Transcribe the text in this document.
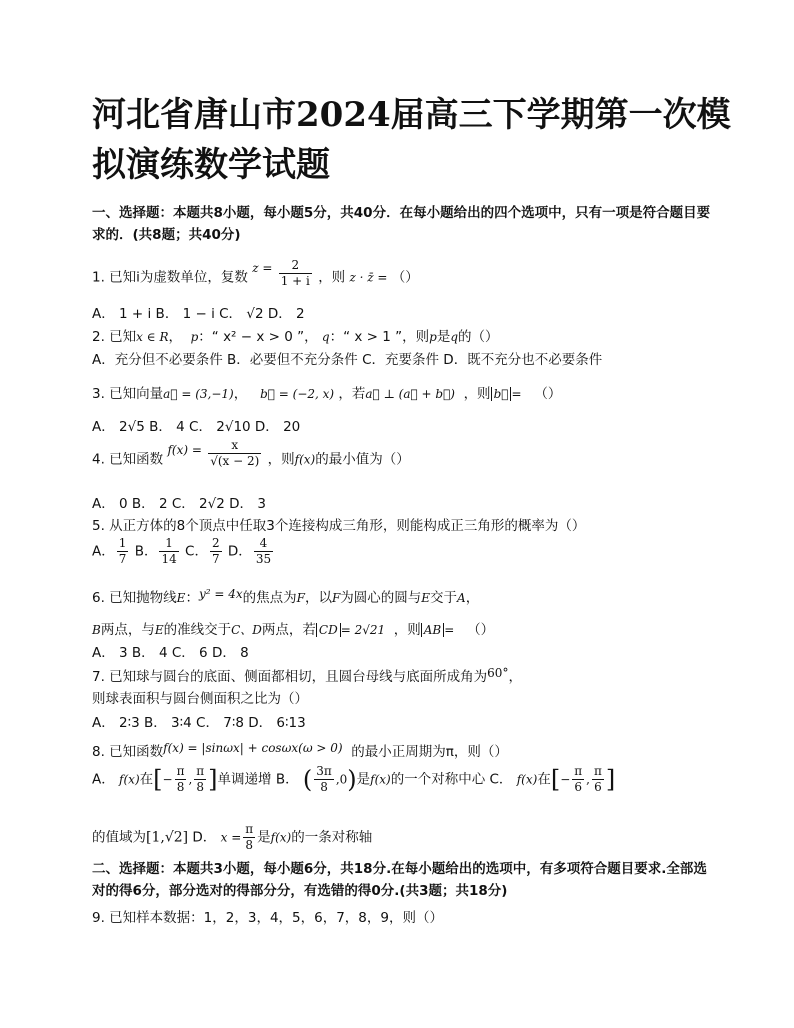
河北省唐山市2024届高三下学期第一次模拟演练数学试题
一、选择题：本题共8小题，每小题5分，共40分．在每小题给出的四个选项中，只有一项是符合题目要求的．(共8题；共40分)
1. 已知i为虚数单位，复数 $z = \frac{2}{1 + i}$ ，则 z · z̄ = （）
A． 1 + i B． 1 − i C． √2 D． 2
2. 已知x ∈ R， p：“ x² − x > 0 ”， q：“ x > 1 ”，则p是q的（）
A．充分但不必要条件 B．必要但不充分条件 C．充要条件 D．既不充分也不必要条件
3. 已知向量a⃗ = (3,−1)， b⃗ = (−2, x) ，若a⃗ ⊥ (a⃗ + b⃗) ，则 b⃗ = （）
A． 2√5 B． 4 C． 2√10 D． 20
4. 已知函数 $f(x) = \frac{x}{√(x - 2)}$ ，则f(x)的最小值为（）
A． 0 B． 2 C． 2√2 D． 3
5. 从正方体的8个顶点中任取3个连接构成三角形，则能构成正三角形的概率为（）
A． $\frac{1}{7}$ B． $\frac{1}{14}$ C． $\frac{2}{7}$ D． $\frac{4}{35}$
6. 已知抛物线E：y² = 4x的焦点为F，以F为圆心的圆与E交于A，
B两点，与E的准线交于C、D两点，若 CD = 2√21 ，则 AB = （）
A． 3 B． 4 C． 6 D． 8
7. 已知球与圆台的底面、侧面都相切，且圆台母线与底面所成角为60°，
则球表面积与圆台侧面积之比为（）
A． 2∶3 B． 3∶4 C． 7∶8 D． 6∶13
8. 已知函数f(x) = |sinωx| + cosωx(ω > 0) 的最小正周期为π，则（）
A． f(x)在[− $\frac{\pi}{8}$ , $\frac{\pi}{8}$ ]单调递增 B． ( $\frac{3\pi}{8} ,0$)是f(x)的一个对称中心 C． f(x)在[− $\frac{\pi}{6}$ , $\frac{\pi}{6}$ ]
的值域为[1,√2] D． $x = \frac{\pi}{8}$ 是f(x)的一条对称轴
二、选择题：本题共3小题，每小题6分，共18分.在每小题给出的选项中，有多项符合题目要求.全部选对的得6分，部分选对的得部分分，有选错的得0分.(共3题；共18分)
9. 已知样本数据：1，2，3，4，5，6，7，8，9，则（）
